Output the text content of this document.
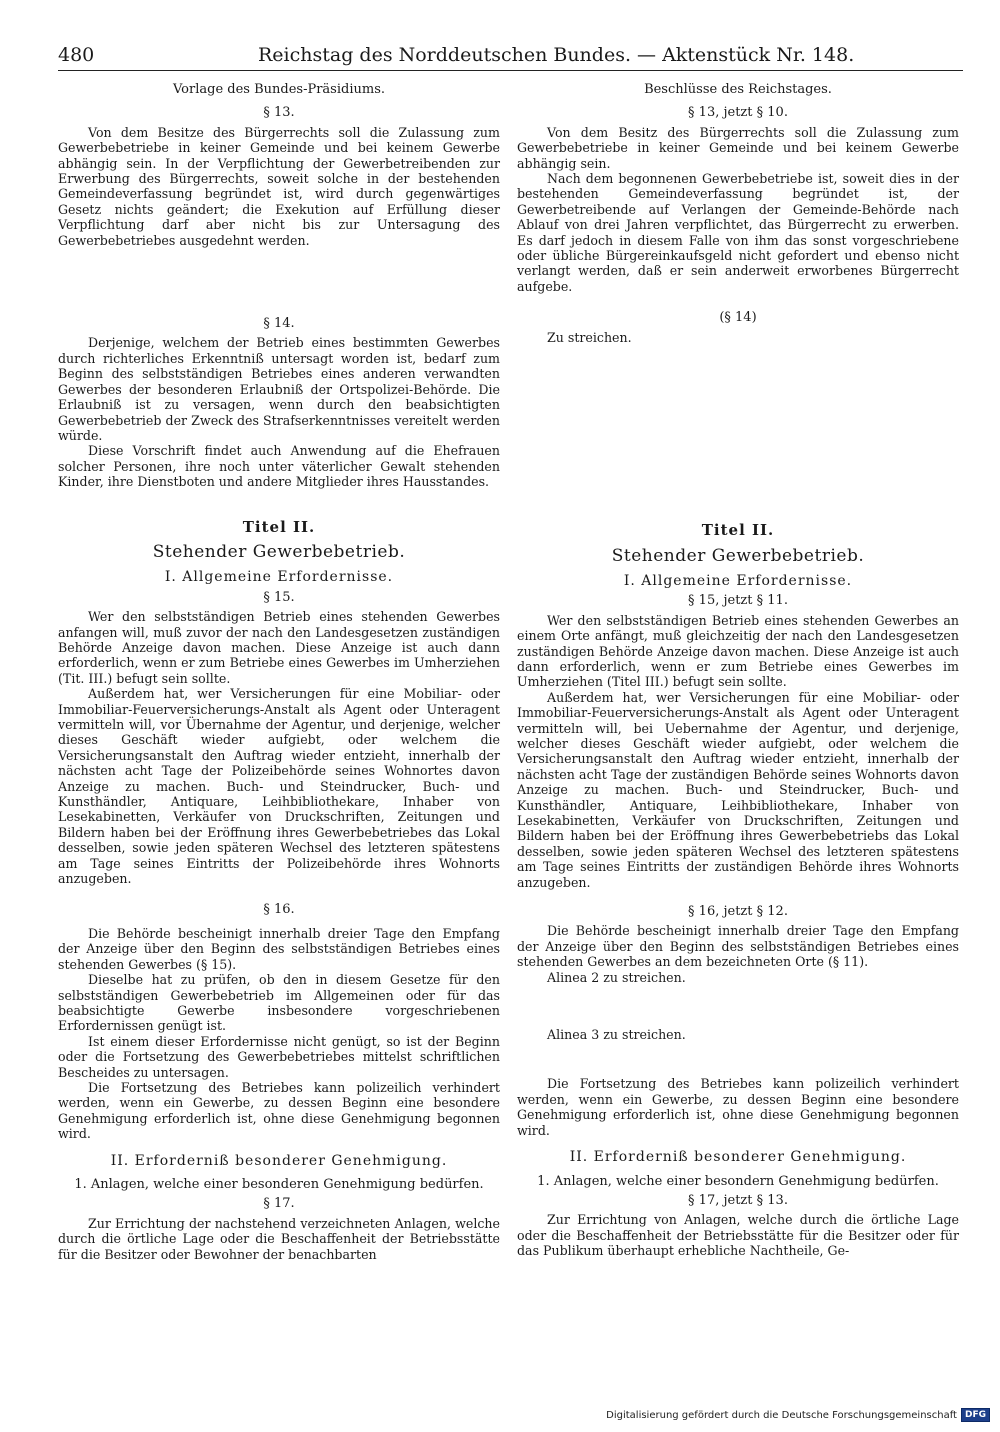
480	Reichstag des Norddeutschen Bundes. — Aktenstück Nr. 148.
Vorlage des Bundes-Präsidiums.
§ 13.

Von dem Besitze des Bürgerrechts soll die Zulassung zum Gewerbebetriebe in keiner Gemeinde und bei keinem Gewerbe abhängig sein. In der Verpflichtung der Gewerbetreibenden zur Erwerbung des Bürgerrechts, soweit solche in der bestehenden Gemeindeverfassung begründet ist, wird durch gegenwärtiges Gesetz nichts geändert; die Exekution auf Erfüllung dieser Verpflichtung darf aber nicht bis zur Untersagung des Gewerbebetriebes ausgedehnt werden.

§ 14.

Derjenige, welchem der Betrieb eines bestimmten Gewerbes durch richterliches Erkenntniß untersagt worden ist, bedarf zum Beginn des selbstständigen Betriebes eines anderen verwandten Gewerbes der besonderen Erlaubniß der Ortspolizei-Behörde. Die Erlaubniß ist zu versagen, wenn durch den beabsichtigten Gewerbebetrieb der Zweck des Strafserkenntnisses vereitelt werden würde.

Diese Vorschrift findet auch Anwendung auf die Ehefrauen solcher Personen, ihre noch unter väterlicher Gewalt stehenden Kinder, ihre Dienstboten und andere Mitglieder ihres Hausstandes.

Titel II.
Stehender Gewerbebetrieb.
I. Allgemeine Erfordernisse.
§ 15.

Wer den selbstständigen Betrieb eines stehenden Gewerbes anfangen will, muß zuvor der nach den Landesgesetzen zuständigen Behörde Anzeige davon machen. Diese Anzeige ist auch dann erforderlich, wenn er zum Betriebe eines Gewerbes im Umherziehen (Tit. III.) befugt sein sollte.

Außerdem hat, wer Versicherungen für eine Mobiliar- oder Immobiliar-Feuerversicherungs-Anstalt als Agent oder Unteragent vermitteln will, vor Übernahme der Agentur, und derjenige, welcher dieses Geschäft wieder aufgiebt, oder welchem die Versicherungsanstalt den Auftrag wieder entzieht, innerhalb der nächsten acht Tage der Polizeibehörde seines Wohnortes davon Anzeige zu machen. Buch- und Steindrucker, Buch- und Kunsthändler, Antiquare, Leihbibliothekare, Inhaber von Lesekabinetten, Verkäufer von Druckschriften, Zeitungen und Bildern haben bei der Eröffnung ihres Gewerbebetriebes das Lokal desselben, sowie jeden späteren Wechsel des letzteren spätestens am Tage seines Eintritts der Polizeibehörde ihres Wohnorts anzugeben.

§ 16.

Die Behörde bescheinigt innerhalb dreier Tage den Empfang der Anzeige über den Beginn des selbstständigen Betriebes eines stehenden Gewerbes (§ 15).

Dieselbe hat zu prüfen, ob den in diesem Gesetze für den selbstständigen Gewerbebetrieb im Allgemeinen oder für das beabsichtigte Gewerbe insbesondere vorgeschriebenen Erfordernissen genügt ist.

Ist einem dieser Erfordernisse nicht genügt, so ist der Beginn oder die Fortsetzung des Gewerbebetriebes mittelst schriftlichen Bescheides zu untersagen.

Die Fortsetzung des Betriebes kann polizeilich verhindert werden, wenn ein Gewerbe, zu dessen Beginn eine besondere Genehmigung erforderlich ist, ohne diese Genehmigung begonnen wird.

II. Erforderniß besonderer Genehmigung.
1. Anlagen, welche einer besonderen Genehmigung bedürfen.
§ 17.

Zur Errichtung der nachstehend verzeichneten Anlagen, welche durch die örtliche Lage oder die Beschaffenheit der Betriebsstätte für die Besitzer oder Bewohner der benachbarten

Beschlüsse des Reichstages.
§ 13, jetzt § 10.

Von dem Besitz des Bürgerrechts soll die Zulassung zum Gewerbebetriebe in keiner Gemeinde und bei keinem Gewerbe abhängig sein.

Nach dem begonnenen Gewerbebetriebe ist, soweit dies in der bestehenden Gemeindeverfassung begründet ist, der Gewerbetreibende auf Verlangen der Gemeinde-Behörde nach Ablauf von drei Jahren verpflichtet, das Bürgerrecht zu erwerben. Es darf jedoch in diesem Falle von ihm das sonst vorgeschriebene oder übliche Bürgereinkaufsgeld nicht gefordert und ebenso nicht verlangt werden, daß er sein anderweit erworbenes Bürgerrecht aufgebe.

(§ 14)

Zu streichen.

Titel II.
Stehender Gewerbebetrieb.
I. Allgemeine Erfordernisse.
§ 15, jetzt § 11.

Wer den selbstständigen Betrieb eines stehenden Gewerbes an einem Orte anfängt, muß gleichzeitig der nach den Landesgesetzen zuständigen Behörde Anzeige davon machen. Diese Anzeige ist auch dann erforderlich, wenn er zum Betriebe eines Gewerbes im Umherziehen (Titel III.) befugt sein sollte.

Außerdem hat, wer Versicherungen für eine Mobiliar- oder Immobiliar-Feuerversicherungs-Anstalt als Agent oder Unteragent vermitteln will, bei Uebernahme der Agentur, und derjenige, welcher dieses Geschäft wieder aufgiebt, oder welchem die Versicherungsanstalt den Auftrag wieder entzieht, innerhalb der nächsten acht Tage der zuständigen Behörde seines Wohnorts davon Anzeige zu machen. Buch- und Steindrucker, Buch- und Kunsthändler, Antiquare, Leihbibliothekare, Inhaber von Lesekabinetten, Verkäufer von Druckschriften, Zeitungen und Bildern haben bei der Eröffnung ihres Gewerbebetriebs das Lokal desselben, sowie jeden späteren Wechsel des letzteren spätestens am Tage seines Eintritts der zuständigen Behörde ihres Wohnorts anzugeben.

§ 16, jetzt § 12.

Die Behörde bescheinigt innerhalb dreier Tage den Empfang der Anzeige über den Beginn des selbstständigen Betriebes eines stehenden Gewerbes an dem bezeichneten Orte (§ 11).

Alinea 2 zu streichen.

Alinea 3 zu streichen.

Die Fortsetzung des Betriebes kann polizeilich verhindert werden, wenn ein Gewerbe, zu dessen Beginn eine besondere Genehmigung erforderlich ist, ohne diese Genehmigung begonnen wird.

II. Erforderniß besonderer Genehmigung.
1. Anlagen, welche einer besondern Genehmigung bedürfen.
§ 17, jetzt § 13.

Zur Errichtung von Anlagen, welche durch die örtliche Lage oder die Beschaffenheit der Betriebsstätte für die Besitzer oder für das Publikum überhaupt erhebliche Nachtheile, Ge-

Digitalisierung gefördert durch die Deutsche Forschungsgemeinschaft DFG
